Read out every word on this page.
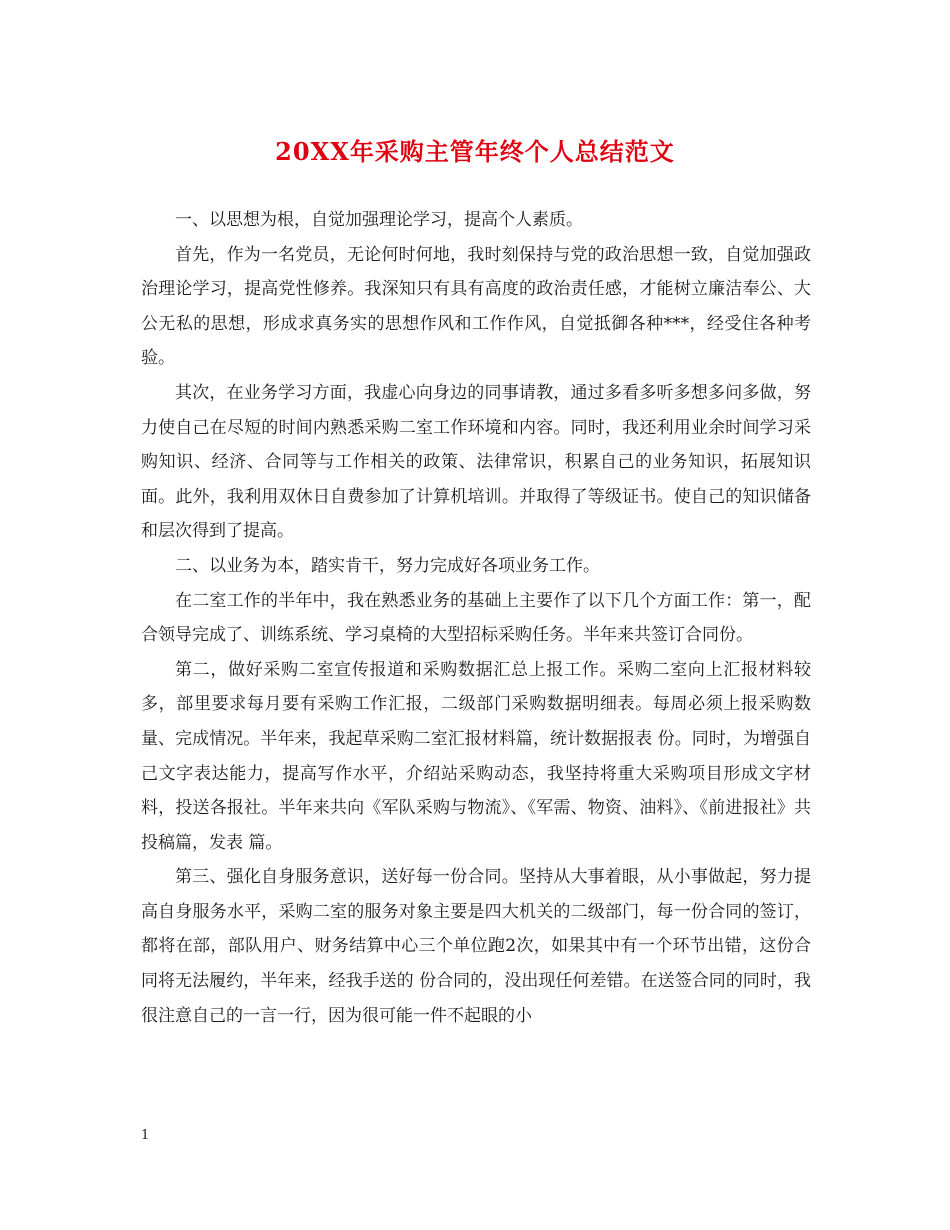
20XX年采购主管年终个人总结范文

一、以思想为根，自觉加强理论学习，提高个人素质。

首先，作为一名党员，无论何时何地，我时刻保持与党的政治思想一致，自觉加强政治理论学习，提高党性修养。我深知只有具有高度的政治责任感，才能树立廉洁奉公、大公无私的思想，形成求真务实的思想作风和工作作风，自觉抵御各种***，经受住各种考验。

其次，在业务学习方面，我虚心向身边的同事请教，通过多看多听多想多问多做，努力使自己在尽短的时间内熟悉采购二室工作环境和内容。同时，我还利用业余时间学习采购知识、经济、合同等与工作相关的政策、法律常识，积累自己的业务知识，拓展知识面。此外，我利用双休日自费参加了计算机培训。并取得了等级证书。使自己的知识储备和层次得到了提高。

二、以业务为本，踏实肯干，努力完成好各项业务工作。

在二室工作的半年中，我在熟悉业务的基础上主要作了以下几个方面工作：第一，配合领导完成了、训练系统、学习桌椅的大型招标采购任务。半年来共签订合同份。

第二，做好采购二室宣传报道和采购数据汇总上报工作。采购二室向上汇报材料较多，部里要求每月要有采购工作汇报，二级部门采购数据明细表。每周必须上报采购数量、完成情况。半年来，我起草采购二室汇报材料篇，统计数据报表 份。同时，为增强自己文字表达能力，提高写作水平，介绍站采购动态，我坚持将重大采购项目形成文字材料，投送各报社。半年来共向《军队采购与物流》、《军需、物资、油料》、《前进报社》共投稿篇，发表 篇。

第三、强化自身服务意识，送好每一份合同。坚持从大事着眼，从小事做起，努力提高自身服务水平，采购二室的服务对象主要是四大机关的二级部门，每一份合同的签订，都将在部，部队用户、财务结算中心三个单位跑2次，如果其中有一个环节出错，这份合同将无法履约，半年来，经我手送的 份合同的，没出现任何差错。在送签合同的同时，我很注意自己的一言一行，因为很可能一件不起眼的小

1
